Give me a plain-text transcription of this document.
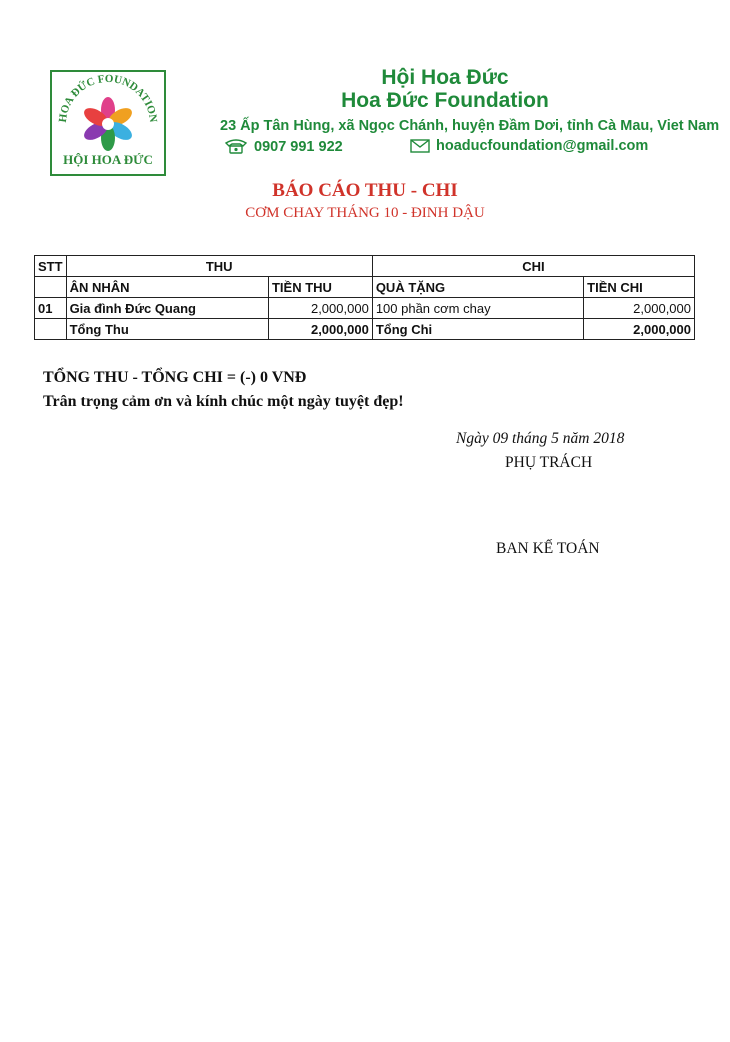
HOA ĐỨC FOUNDATION
HỘI HOA ĐỨC
Hội Hoa Đức
Hoa Đức Foundation
23 Ấp Tân Hùng, xã Ngọc Chánh, huyện Đầm Dơi, tỉnh Cà Mau, Viet Nam
0907 991 922	hoaducfoundation@gmail.com
BÁO CÁO THU - CHI
CƠM CHAY THÁNG 10 - ĐINH DẬU
STT	THU		CHI	
	ÂN NHÂN	TIỀN THU	QUÀ TẶNG	TIỀN CHI
01	Gia đình Đức Quang	2,000,000	100 phần cơm chay	2,000,000
	Tổng Thu	2,000,000	Tổng Chi	2,000,000
TỔNG THU - TỔNG CHI = (-) 0 VNĐ
Trân trọng cảm ơn và kính chúc một ngày tuyệt đẹp!
Ngày 09 tháng 5 năm 2018
PHỤ TRÁCH
BAN KẾ TOÁN
